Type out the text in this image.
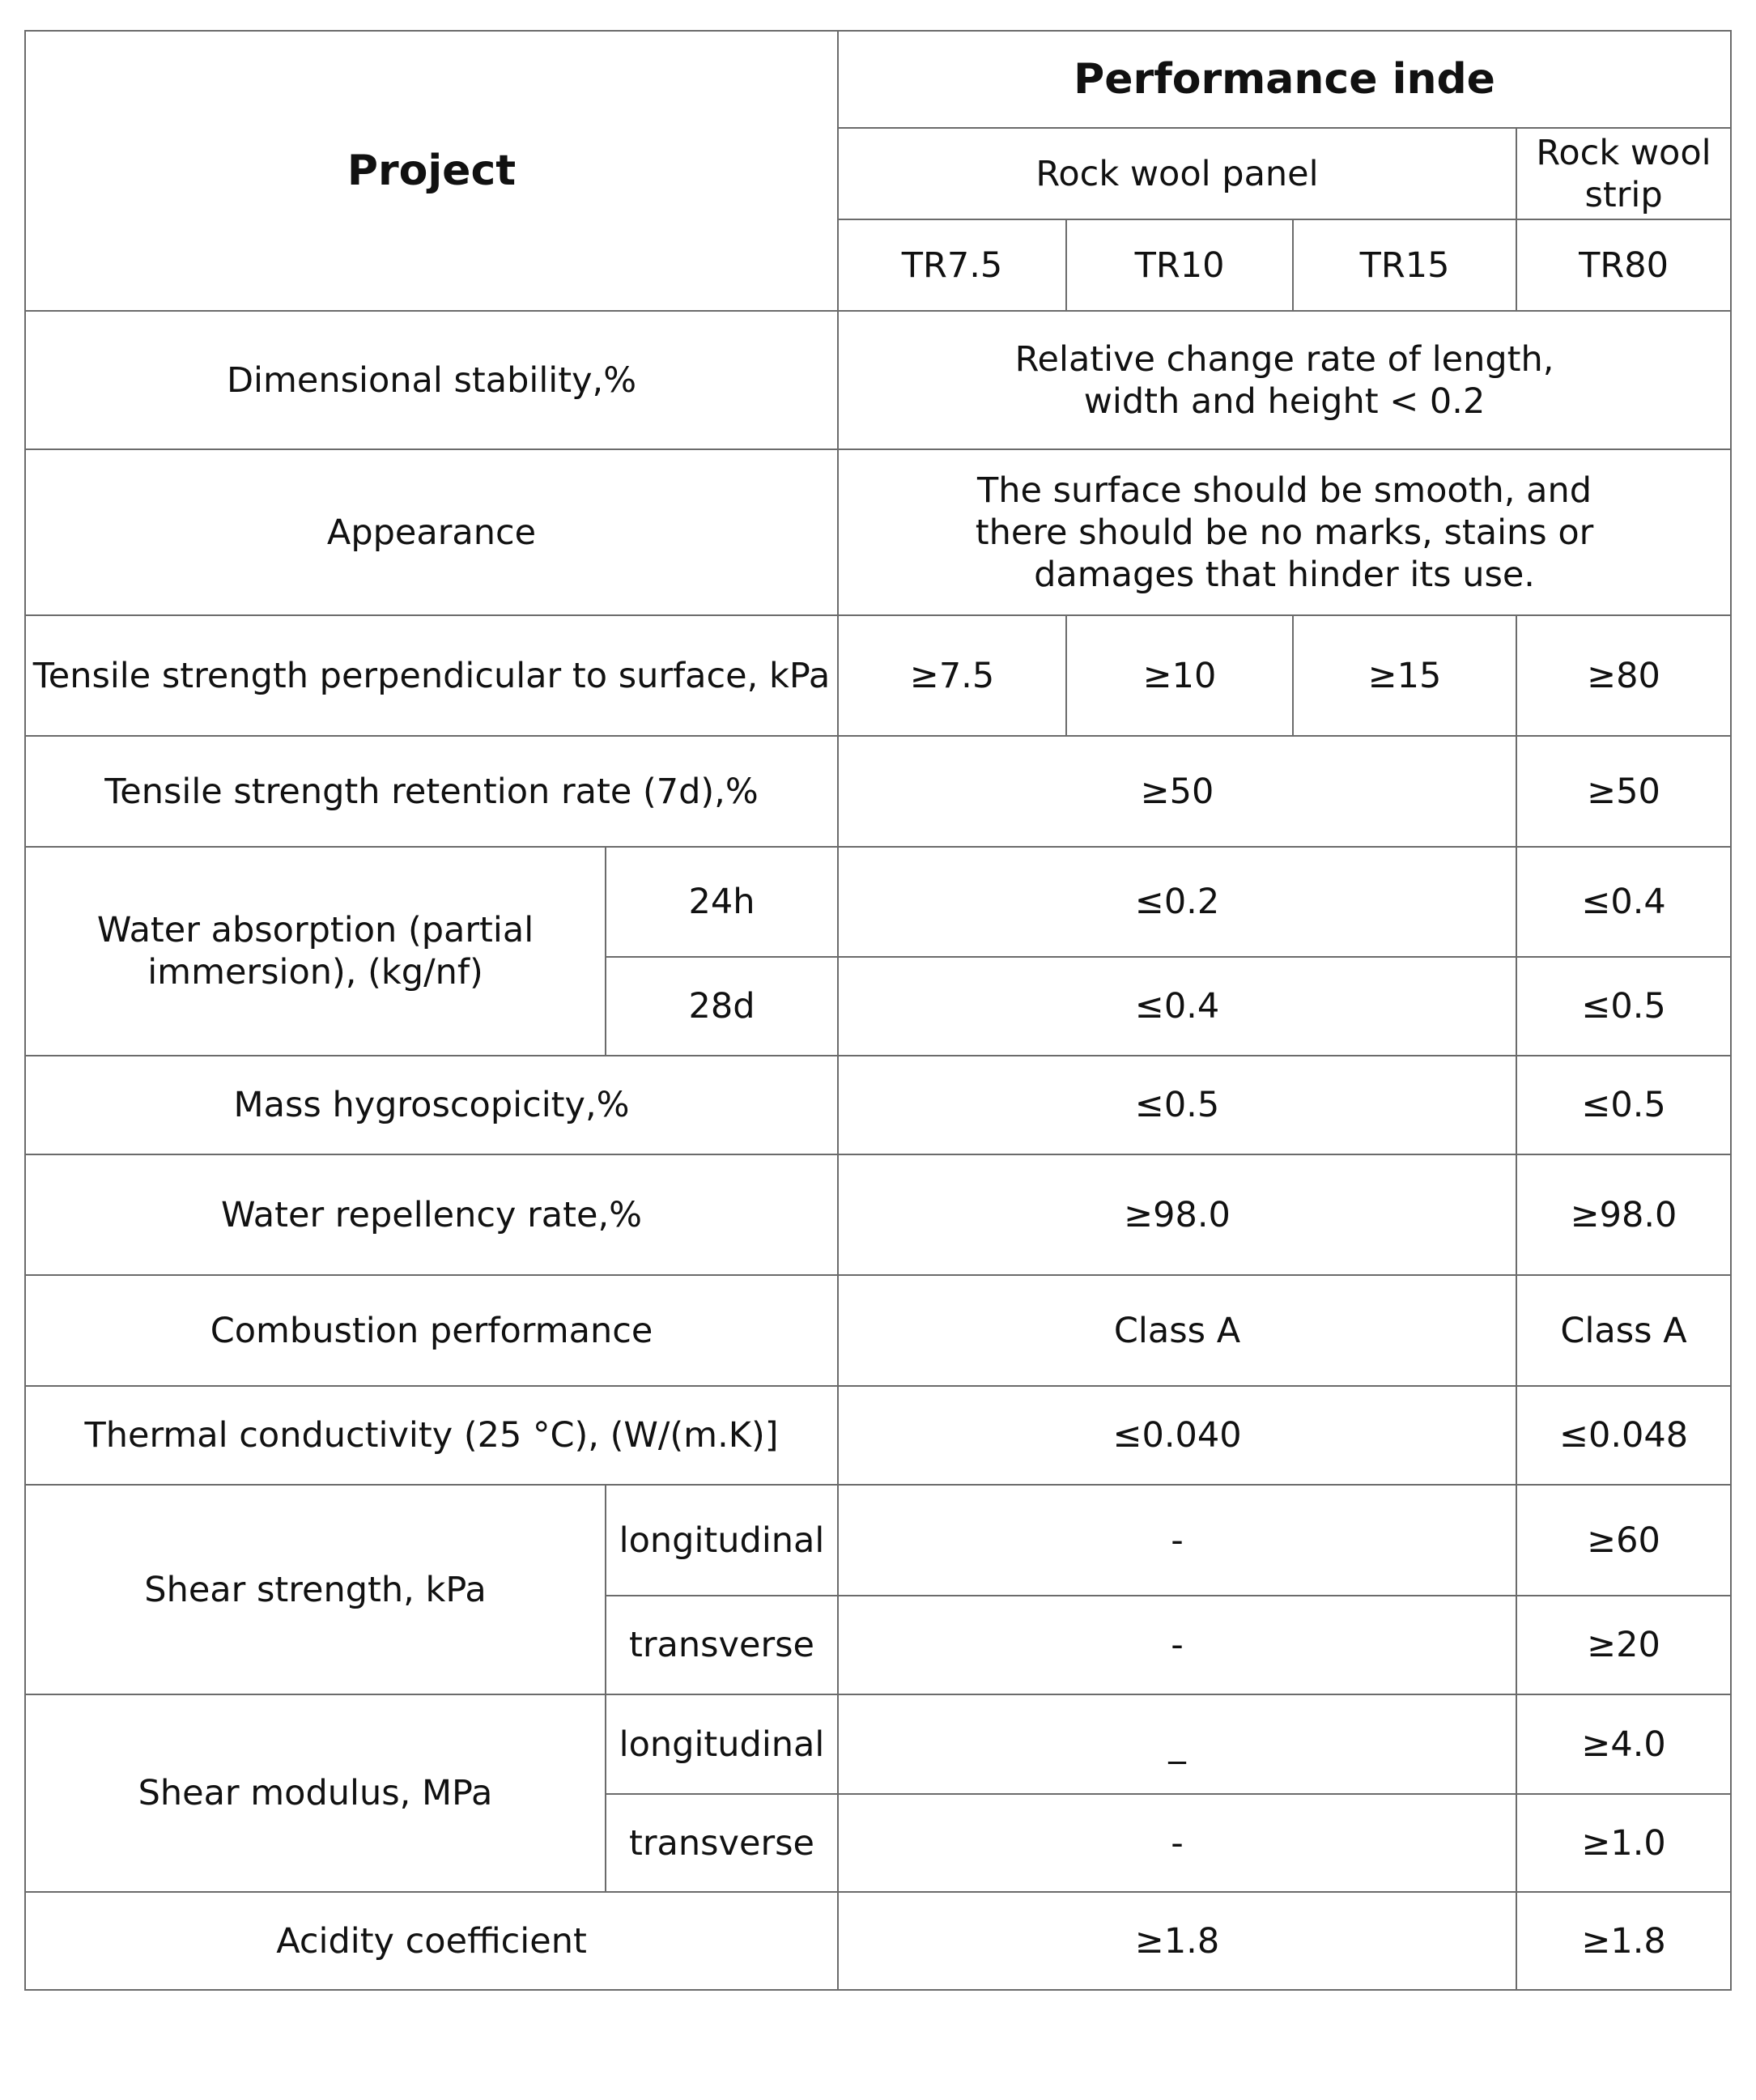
Project		Performance inde			
		Rock wool panel			Rock wool
strip

		TR7.5	TR10	TR15	TR80
Dimensional stability,%		Relative change rate of length,
width and height < 0.2			

Appearance		The surface should be smooth, and
there should be no marks, stains or
damages that hinder its use.			

Tensile strength perpendicular to surface, kPa		≥7.5	≥10	≥15	≥80
Tensile strength retention rate (7d),%		≥50			≥50

Water absorption (partial
immersion), (kg/nf)	24h	≤0.2			≤0.4
	28d	≤0.4			≤0.5
Mass hygroscopicity,%		≤0.5			≤0.5
Water repellency rate,%		≥98.0			≥98.0
Combustion performance		Class A			Class A
Thermal conductivity (25 °C), (W/(m.K)]		≤0.040			≤0.048
Shear strength, kPa	longitudinal	-			≥60
	transverse	-			≥20
Shear modulus, MPa	longitudinal	_			≥4.0
	transverse	-			≥1.0
Acidity coefficient		≥1.8			≥1.8
